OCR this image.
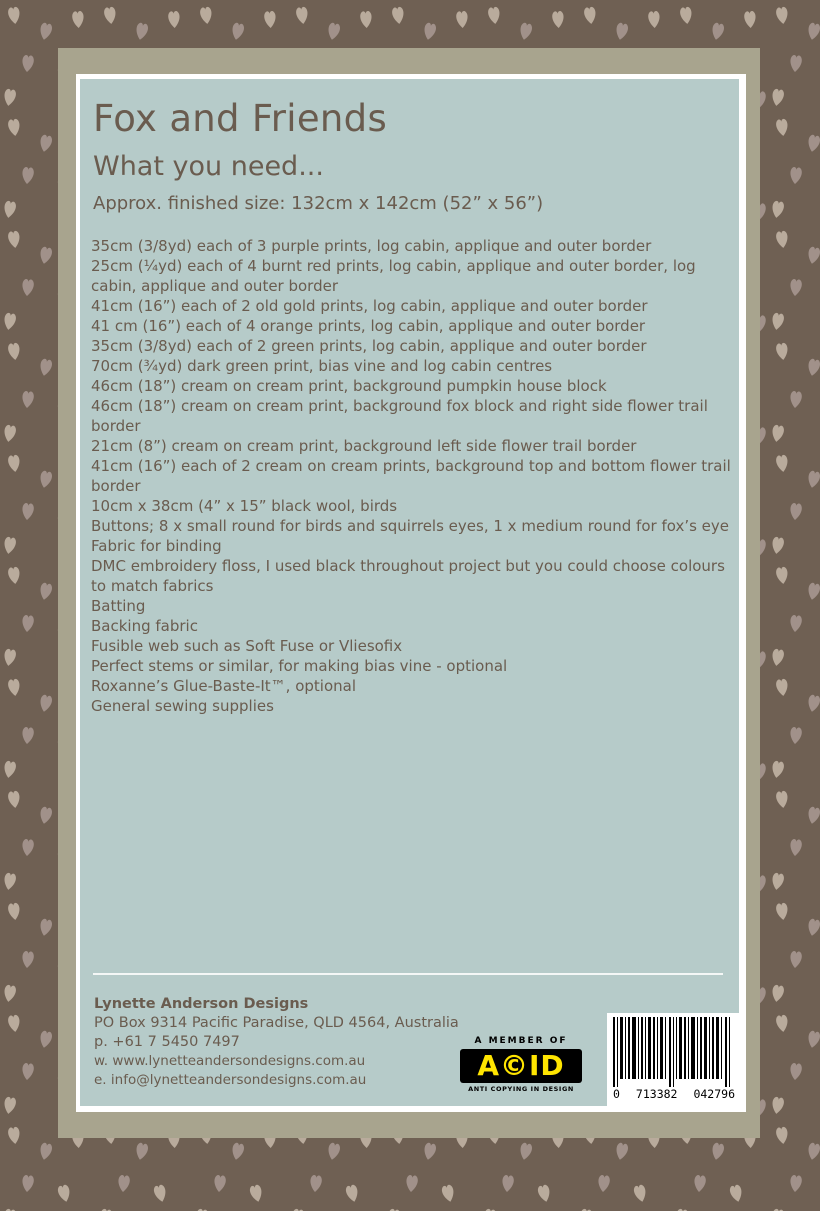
Fox and Friends
What you need...
Approx. finished size: 132cm x 142cm (52” x 56”)
35cm (3/8yd) each of 3 purple prints, log cabin, applique and outer border
25cm (¼yd) each of 4 burnt red prints, log cabin, applique and outer border, log cabin, applique and outer border
41cm (16”) each of 2 old gold prints, log cabin, applique and outer border
41 cm (16”) each of 4 orange prints, log cabin, applique and outer border
35cm (3/8yd) each of 2 green prints, log cabin, applique and outer border
70cm (¾yd) dark green print, bias vine and log cabin centres
46cm (18”) cream on cream print, background pumpkin house block
46cm (18”) cream on cream print, background fox block and right side flower trail border
21cm (8”) cream on cream print, background left side flower trail border
41cm (16”) each of 2 cream on cream prints, background top and bottom flower trail border
10cm x 38cm (4” x 15” black wool, birds
Buttons; 8 x small round for birds and squirrels eyes, 1 x medium round for fox’s eye
Fabric for binding
DMC embroidery floss, I used black throughout project but you could choose colours to match fabrics
Batting
Backing fabric
Fusible web such as Soft Fuse or Vliesofix
Perfect stems or similar, for making bias vine - optional
Roxanne’s Glue-Baste-It™, optional
General sewing supplies
Lynette Anderson Designs
PO Box 9314 Pacific Paradise, QLD 4564, Australia
p. +61 7 5450 7497
w. www.lynetteandersondesigns.com.au
e. info@lynetteandersondesigns.com.au
A MEMBER OF
A©ID
ANTI COPYING IN DESIGN	0 713382 042796
